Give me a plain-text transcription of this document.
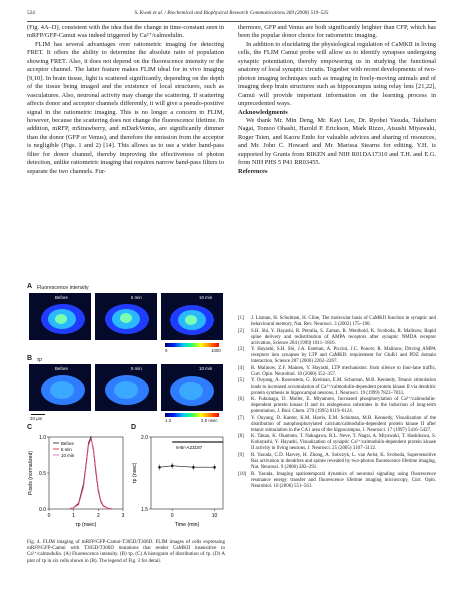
524	S. Kwok et al. / Biochemical and Biophysical Research Communications 369 (2008) 519–525

(Fig. 4A–D), consistent with the idea that the change in time-constant seen in mRFP/GFP-Camui was indeed triggered by Ca²⁺/calmodulin.

FLIM has several advantages over ratiometric imaging for detecting FRET. It offers the ability to determine the absolute ratio of population showing FRET. Also, it does not depend on the fluorescence intensity or the acceptor channel. The latter feature makes FLIM ideal for in vivo imaging [9,10]. In brain tissue, light is scattered significantly, depending on the depth of the tissue being imaged and the existence of local structures, such as vasculatures. Also, neuronal activity may change the scattering. If scattering affects donor and acceptor channels differently, it will give a pseudo-positive signal in the ratiometric imaging. This is no longer a concern in FLIM, however, because the scattering does not change the fluorescence lifetime. In addition, mRFP, mStrawberry, and mDarkVenus, are significantly dimmer than the donor (GFP or Venus), and therefore the emission from the acceptor is negligible (Figs. 1 and 2) [14]. This allows us to use a wider band-pass filter for donor channel, thereby improving the effectiveness of photon detection, unlike ratiometric imaging that requires narrow band-pass filters to separate the two channels. Fur-

thermore, GFP and Venus are both significantly brighter than CFP, which has been the popular donor choice for ratiometric imaging.

In addition to elucidating the physiological regulation of CaMKII in living cells, the FLIM Camui probe will allow us to identify synapses undergoing synaptic potentiation, thereby empowering us in studying the functional anatomy of local synaptic circuits. Together with recent developments of two-photon imaging techniques such as imaging in freely-moving animals and of imaging deep brain structures such as hippocampus using relay lens [21,22], Camui will provide important information on the learning process in unprecedented ways.

Acknowledgments

We thank Mr. Min Deng, Mr. Kayi Lee, Dr. Ryohei Yasuda, Takeharu Nagai, Tomoo Ohashi, Harold P. Erickson, Mark Rizzo, Atsushi Miyawaki, Roger Tsien, and Kaoru Endo for valuable advices and sharing of resources, and Mr. John C. Howard and Mr. Marissa Stearns for editing. Y.H. is supported by Grants from RIKEN and NIH R01DA17310 and T.H. and E.G. from NIH PHS 5 P41 RR03455.

References

[1] J. Lisman, H. Schulman, H. Cline, The molecular basis of CaMKII function in synaptic and behavioural memory, Nat. Rev. Neurosci. 3 (2002) 175–190.
[2] S.H. Shi, Y. Hayashi, R. Petralia, S. Zaman, R. Wenthold, K. Svoboda, R. Malinow, Rapid spine delivery and redistribution of AMPA receptors after synaptic NMDA receptor activation, Science 284 (1999) 1811–1816.
[3] Y. Hayashi, S.H. Shi, J.A. Esteban, A. Piccini, J.C. Poncer, R. Malinow, Driving AMPA receptors into synapses by LTP and CaMKII: requirement for GluR1 and PDZ domain interaction, Science 287 (2000) 2262–2267.
[4] R. Malinow, Z.F. Mainen, Y. Hayashi, LTP mechanisms: from silence to four-lane traffic, Curr. Opin. Neurobiol. 10 (2000) 352–357.
[5] Y. Ouyang, A. Rosenstein, G. Kreiman, E.M. Schuman, M.B. Kennedy, Tetanic stimulation leads to increased accumulation of Ca²⁺/calmodulin-dependent protein kinase II via dendritic protein synthesis in hippocampal neurons, J. Neurosci. 19 (1999) 7823–7833.
[6] K. Fukunaga, D. Muller, E. Miyamoto, Increased phosphorylation of Ca²⁺/calmodulin-dependent protein kinase II and its endogenous substrates in the induction of long-term potentiation, J. Biol. Chem. 270 (1995) 6119–6124.
[7] Y. Ouyang, D. Kantor, K.M. Harris, E.M. Schuman, M.B. Kennedy, Visualization of the distribution of autophosphorylated calcium/calmodulin-dependent protein kinase II after tetanic stimulation in the CA1 area of the hippocampus, J. Neurosci. 17 (1997) 5416–5427.
[8] K. Takao, K. Okamoto, T. Nakagawa, R.L. Neve, T. Nagai, A. Miyawaki, T. Hashikawa, S. Kobayashi, Y. Hayashi, Visualization of synaptic Ca²⁺/calmodulin-dependent protein kinase II activity in living neurons, J. Neurosci. 25 (2005) 3107–3112.
[9] R. Yasuda, C.D. Harvey, H. Zhong, A. Sobczyk, L. van Aelst, K. Svoboda, Supersensitive Ras activation in dendrites and spines revealed by two-photon fluorescence lifetime imaging, Nat. Neurosci. 9 (2006) 283–291.
[10] R. Yasuda, Imaging spatiotemporal dynamics of neuronal signaling using fluorescence resonance energy transfer and fluorescence lifetime imaging microscopy, Curr. Opin. Neurobiol. 16 (2006) 551–561.
A Fluorescence intensity
Before	5 min	10 min
0	1000
B τp
Before	5 min	10 min
20 µm	1.3	2.5 nsec
C
0	1	2	3
0.0
0.5
1.0
τp (nsec)
Pixels (normalized)
Before
5 min
10 min
D
0	10
1.5
2.0
Time (min)
τp (nsec)
6-Br-A23187
Fig. 4. FLIM imaging of mRFP/GFP-Camui-T305D/T306D. FLIM images of cells expressing mRFP/GFP-Camui with T305D/T306D mutations that render CaMKII insensitive to Ca²⁺/calmodulin. (A) Fluorescence intensity. (B) τp. (C) A histogram of distribution of τp. (D) A plot of τp in six cells shown in (B). The legend of Fig. 3 for detail.
